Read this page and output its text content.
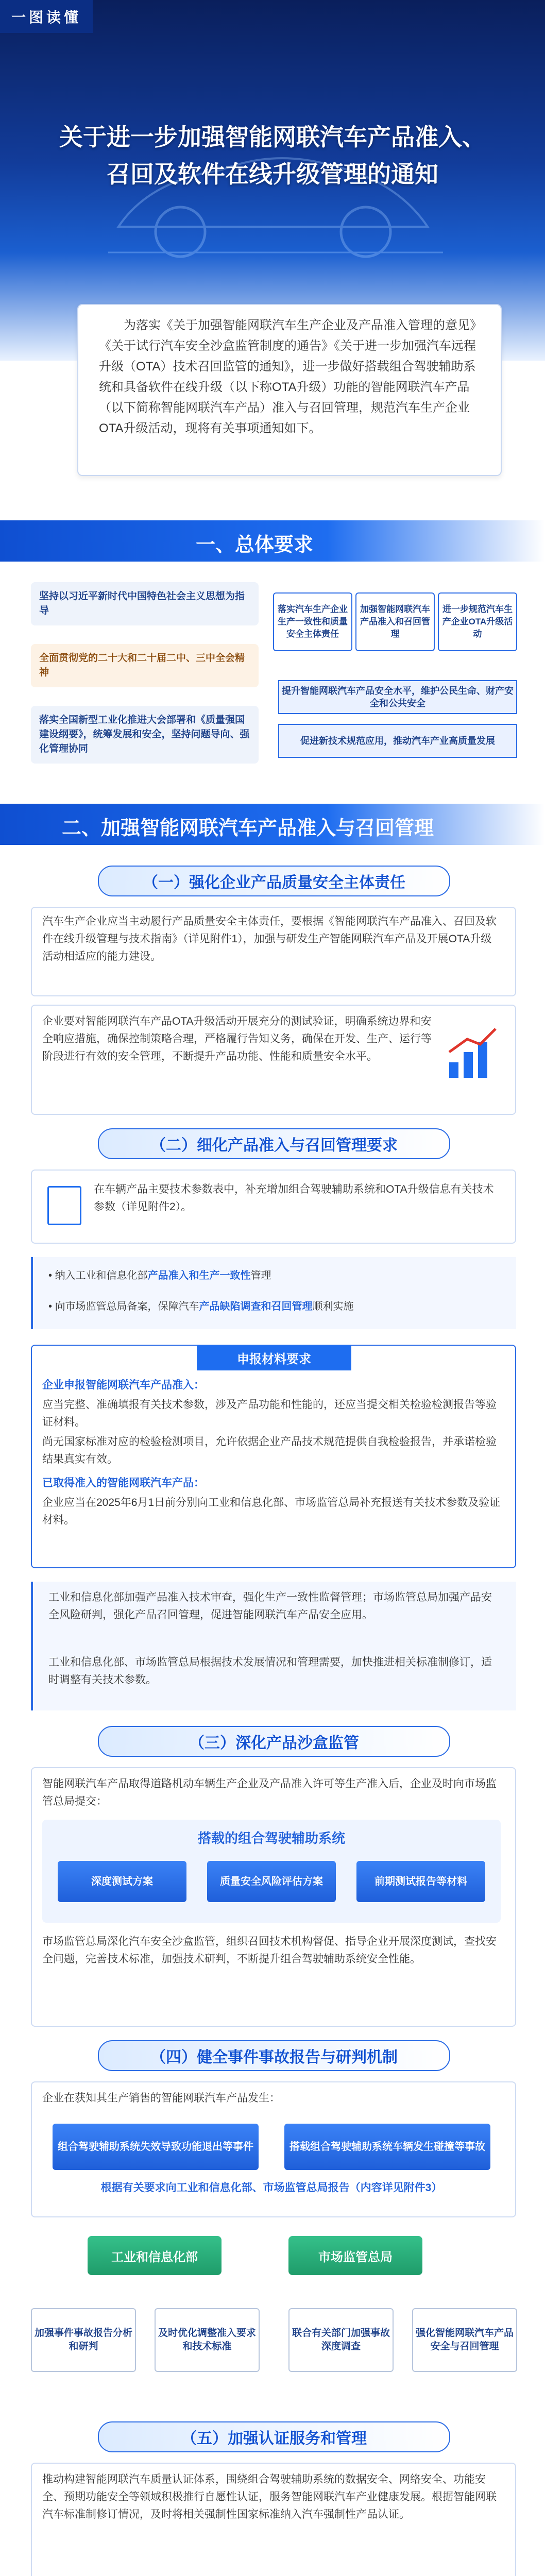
一图读懂
关于进一步加强智能网联汽车产品准入、
召回及软件在线升级管理的通知
为落实《关于加强智能网联汽车生产企业及产品准入管理的意见》《关于试行汽车安全沙盒监管制度的通告》《关于进一步加强汽车远程升级（OTA）技术召回监管的通知》，进一步做好搭载组合驾驶辅助系统和具备软件在线升级（以下称OTA升级）功能的智能网联汽车产品（以下简称智能网联汽车产品）准入与召回管理，规范汽车生产企业OTA升级活动，现将有关事项通知如下。
一、总体要求
坚持以习近平新时代中国特色社会主义思想为指导
全面贯彻党的二十大和二十届二中、三中全会精神
落实全国新型工业化推进大会部署和《质量强国建设纲要》，统筹发展和安全，坚持问题导向、强化管理协同
落实汽车生产企业生产一致性和质量安全主体责任
加强智能网联汽车产品准入和召回管理
进一步规范汽车生产企业OTA升级活动
提升智能网联汽车产品安全水平，维护公民生命、财产安全和公共安全
促进新技术规范应用，推动汽车产业高质量发展
二、加强智能网联汽车产品准入与召回管理
（一）强化企业产品质量安全主体责任
汽车生产企业应当主动履行产品质量安全主体责任，要根据《智能网联汽车产品准入、召回及软件在线升级管理与技术指南》（详见附件1），加强与研发生产智能网联汽车产品及开展OTA升级活动相适应的能力建设。
企业要对智能网联汽车产品OTA升级活动开展充分的测试验证，明确系统边界和安全响应措施，确保控制策略合理，严格履行告知义务，确保在开发、生产、运行等阶段进行有效的安全管理，不断提升产品功能、性能和质量安全水平。
（二）细化产品准入与召回管理要求
在车辆产品主要技术参数表中，补充增加组合驾驶辅助系统和OTA升级信息有关技术参数（详见附件2）。
• 纳入工业和信息化部产品准入和生产一致性管理
• 向市场监管总局备案，保障汽车产品缺陷调查和召回管理顺利实施
申报材料要求
企业申报智能网联汽车产品准入：
应当完整、准确填报有关技术参数，涉及产品功能和性能的，还应当提交相关检验检测报告等验证材料。
尚无国家标准对应的检验检测项目，允许依据企业产品技术规范提供自我检验报告，并承诺检验结果真实有效。
已取得准入的智能网联汽车产品：
企业应当在2025年6月1日前分别向工业和信息化部、市场监管总局补充报送有关技术参数及验证材料。
工业和信息化部加强产品准入技术审查，强化生产一致性监督管理；市场监管总局加强产品安全风险研判，强化产品召回管理，促进智能网联汽车产品安全应用。
工业和信息化部、市场监管总局根据技术发展情况和管理需要，加快推进相关标准制修订，适时调整有关技术参数。
（三）深化产品沙盒监管
智能网联汽车产品取得道路机动车辆生产企业及产品准入许可等生产准入后，企业及时向市场监管总局提交：
搭载的组合驾驶辅助系统
深度测试方案	质量安全风险评估方案	前期测试报告等材料
市场监管总局深化汽车安全沙盒监管，组织召回技术机构督促、指导企业开展深度测试，查找安全问题，完善技术标准，加强技术研判，不断提升组合驾驶辅助系统安全性能。
（四）健全事件事故报告与研判机制
企业在获知其生产销售的智能网联汽车产品发生：
组合驾驶辅助系统失效导致功能退出等事件	搭载组合驾驶辅助系统车辆发生碰撞等事故
根据有关要求向工业和信息化部、市场监管总局报告（内容详见附件3）
工业和信息化部	市场监管总局
加强事件事故报告分析和研判
及时优化调整准入要求和技术标准
联合有关部门加强事故深度调查
强化智能网联汽车产品安全与召回管理
（五）加强认证服务和管理
推动构建智能网联汽车质量认证体系，围绕组合驾驶辅助系统的数据安全、网络安全、功能安全、预期功能安全等领域积极推行自愿性认证，服务智能网联汽车产业健康发展。根据智能网联汽车标准制修订情况，及时将相关强制性国家标准纳入汽车强制性产品认证。
